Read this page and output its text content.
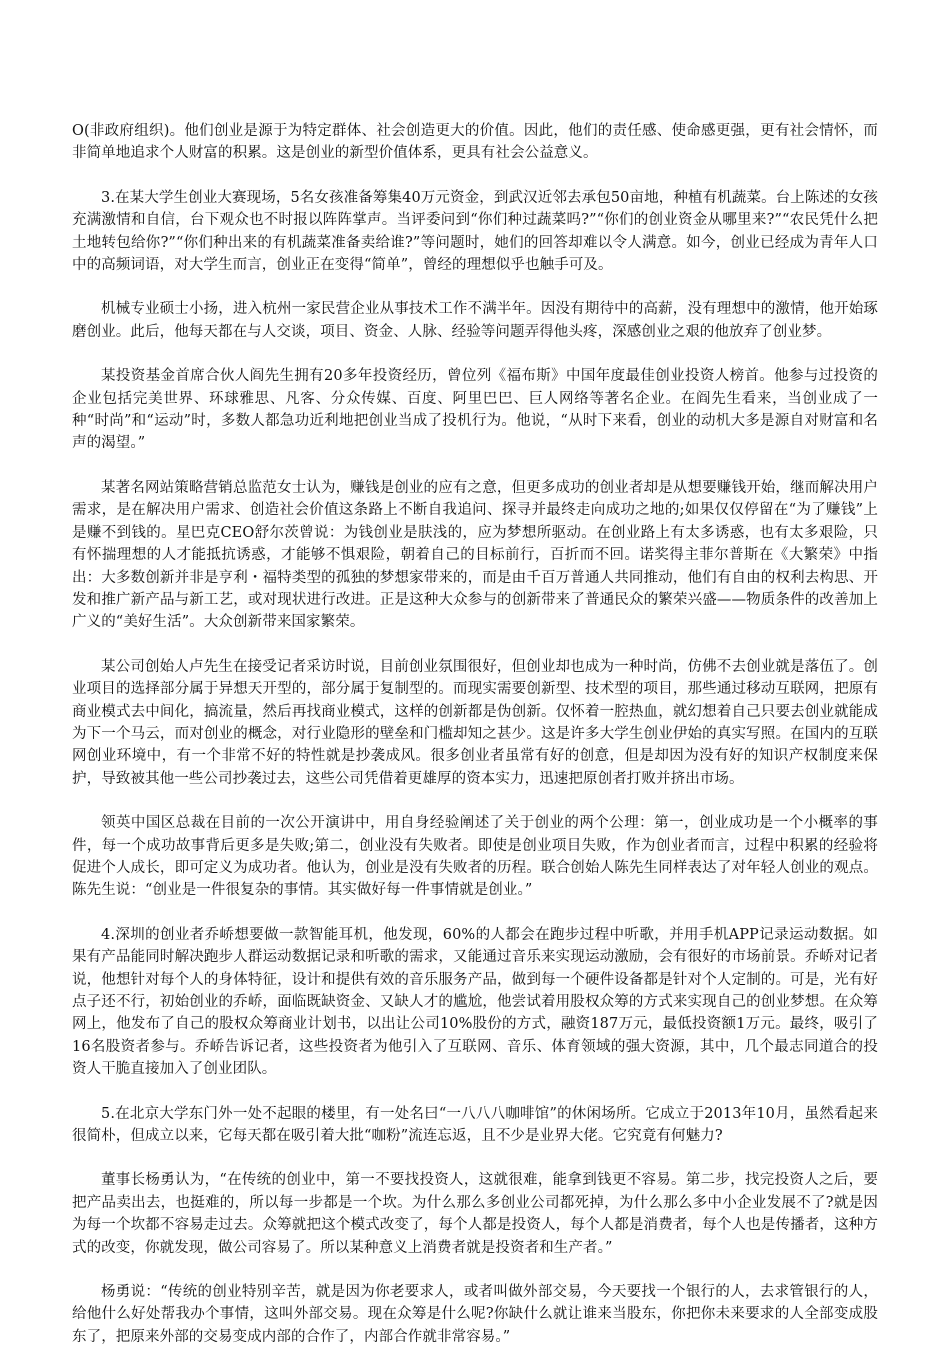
O(非政府组织)。他们创业是源于为特定群体、社会创造更大的价值。因此，他们的责任感、使命感更强，更有社会情怀，而非简单地追求个人财富的积累。这是创业的新型价值体系，更具有社会公益意义。

3.在某大学生创业大赛现场，5名女孩准备筹集40万元资金，到武汉近邻去承包50亩地，种植有机蔬菜。台上陈述的女孩充满激情和自信，台下观众也不时报以阵阵掌声。当评委问到“你们种过蔬菜吗?”“你们的创业资金从哪里来?”“农民凭什么把土地转包给你?”“你们种出来的有机蔬菜准备卖给谁?”等问题时，她们的回答却难以令人满意。如今，创业已经成为青年人口中的高频词语，对大学生而言，创业正在变得“简单”，曾经的理想似乎也触手可及。

机械专业硕士小扬，进入杭州一家民营企业从事技术工作不满半年。因没有期待中的高薪，没有理想中的激情，他开始琢磨创业。此后，他每天都在与人交谈，项目、资金、人脉、经验等问题弄得他头疼，深感创业之艰的他放弃了创业梦。

某投资基金首席合伙人阎先生拥有20多年投资经历，曾位列《福布斯》中国年度最佳创业投资人榜首。他参与过投资的企业包括完美世界、环球雅思、凡客、分众传媒、百度、阿里巴巴、巨人网络等著名企业。在阎先生看来，当创业成了一种“时尚”和“运动”时，多数人都急功近利地把创业当成了投机行为。他说，“从时下来看，创业的动机大多是源自对财富和名声的渴望。”

某著名网站策略营销总监范女士认为，赚钱是创业的应有之意，但更多成功的创业者却是从想要赚钱开始，继而解决用户需求，是在解决用户需求、创造社会价值这条路上不断自我追问、探寻并最终走向成功之地的;如果仅仅停留在“为了赚钱”上是赚不到钱的。星巴克CEO舒尔茨曾说：为钱创业是肤浅的，应为梦想所驱动。在创业路上有太多诱惑，也有太多艰险，只有怀揣理想的人才能抵抗诱惑，才能够不惧艰险，朝着自己的目标前行，百折而不回。诺奖得主菲尔普斯在《大繁荣》中指出：大多数创新并非是亨利・福特类型的孤独的梦想家带来的，而是由千百万普通人共同推动，他们有自由的权利去构思、开发和推广新产品与新工艺，或对现状进行改进。正是这种大众参与的创新带来了普通民众的繁荣兴盛——物质条件的改善加上广义的“美好生活”。大众创新带来国家繁荣。

某公司创始人卢先生在接受记者采访时说，目前创业氛围很好，但创业却也成为一种时尚，仿佛不去创业就是落伍了。创业项目的选择部分属于异想天开型的，部分属于复制型的。而现实需要创新型、技术型的项目，那些通过移动互联网，把原有商业模式去中间化，搞流量，然后再找商业模式，这样的创新都是伪创新。仅怀着一腔热血，就幻想着自己只要去创业就能成为下一个马云，而对创业的概念，对行业隐形的壁垒和门槛却知之甚少。这是许多大学生创业伊始的真实写照。在国内的互联网创业环境中，有一个非常不好的特性就是抄袭成风。很多创业者虽常有好的创意，但是却因为没有好的知识产权制度来保护，导致被其他一些公司抄袭过去，这些公司凭借着更雄厚的资本实力，迅速把原创者打败并挤出市场。

领英中国区总裁在目前的一次公开演讲中，用自身经验阐述了关于创业的两个公理：第一，创业成功是一个小概率的事件，每一个成功故事背后更多是失败;第二，创业没有失败者。即使是创业项目失败，作为创业者而言，过程中积累的经验将促进个人成长，即可定义为成功者。他认为，创业是没有失败者的历程。联合创始人陈先生同样表达了对年轻人创业的观点。陈先生说：“创业是一件很复杂的事情。其实做好每一件事情就是创业。”

4.深圳的创业者乔峤想要做一款智能耳机，他发现，60%的人都会在跑步过程中听歌，并用手机APP记录运动数据。如果有产品能同时解决跑步人群运动数据记录和听歌的需求，又能通过音乐来实现运动激励，会有很好的市场前景。乔峤对记者说，他想针对每个人的身体特征，设计和提供有效的音乐服务产品，做到每一个硬件设备都是针对个人定制的。可是，光有好点子还不行，初始创业的乔峤，面临既缺资金、又缺人才的尴尬，他尝试着用股权众筹的方式来实现自己的创业梦想。在众筹网上，他发布了自己的股权众筹商业计划书，以出让公司10%股份的方式，融资187万元，最低投资额1万元。最终，吸引了16名股资者参与。乔峤告诉记者，这些投资者为他引入了互联网、音乐、体育领域的强大资源，其中，几个最志同道合的投资人干脆直接加入了创业团队。

5.在北京大学东门外一处不起眼的楼里，有一处名曰“一八八八咖啡馆”的休闲场所。它成立于2013年10月，虽然看起来很简朴，但成立以来，它每天都在吸引着大批“咖粉”流连忘返，且不少是业界大佬。它究竟有何魅力?

董事长杨勇认为，“在传统的创业中，第一不要找投资人，这就很难，能拿到钱更不容易。第二步，找完投资人之后，要把产品卖出去，也挺难的，所以每一步都是一个坎。为什么那么多创业公司都死掉，为什么那么多中小企业发展不了?就是因为每一个坎都不容易走过去。众筹就把这个模式改变了，每个人都是投资人，每个人都是消费者，每个人也是传播者，这种方式的改变，你就发现，做公司容易了。所以某种意义上消费者就是投资者和生产者。”

杨勇说：“传统的创业特别辛苦，就是因为你老要求人，或者叫做外部交易，今天要找一个银行的人，去求管银行的人，给他什么好处帮我办个事情，这叫外部交易。现在众筹是什么呢?你缺什么就让谁来当股东，你把你未来要求的人全部变成股东了，把原来外部的交易变成内部的合作了，内部合作就非常容易。”
